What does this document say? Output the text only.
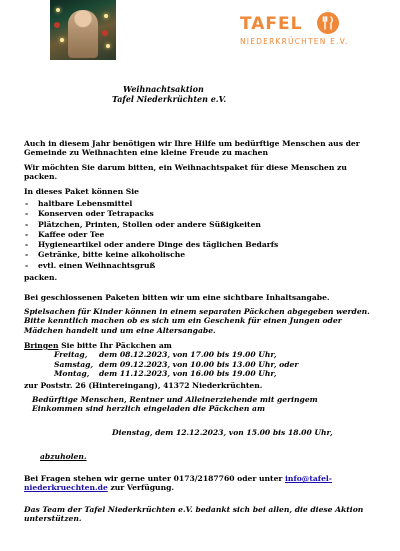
TAFEL
NIEDERKRÜCHTEN E.V.
Weihnachtsaktion
Tafel Niederkrüchten e.V.
Auch in diesem Jahr benötigen wir Ihre Hilfe um bedürftige Menschen aus der Gemeinde zu Weihnachten eine kleine Freude zu machen
Wir möchten Sie darum bitten, ein Weihnachtspaket für diese Menschen zu packen.
In dieses Paket können Sie
- haltbare Lebensmittel
- Konserven oder Tetrapacks
- Plätzchen, Printen, Stollen oder andere Süßigkeiten
- Kaffee oder Tee
- Hygieneartikel oder andere Dinge des täglichen Bedarfs
- Getränke, bitte keine alkoholische
- evtl. einen Weihnachtsgruß
packen.
Bei geschlossenen Paketen bitten wir um eine sichtbare Inhaltsangabe.
Spielsachen für Kinder können in einem separaten Päckchen abgegeben werden. Bitte kenntlich machen ob es sich um ein Geschenk für einen Jungen oder Mädchen handelt und um eine Altersangabe.
Bringen Sie bitte Ihr Päckchen am
Freitag,	dem 08.12.2023, von 17.00 bis 19.00 Uhr,
Samstag, dem 09.12.2023, von 10.00 bis 13.00 Uhr, oder
Montag,	dem 11.12.2023, von 16.00 bis 19.00 Uhr,
zur Poststr. 26 (Hintereingang), 41372 Niederkrüchten.
Bedürftige Menschen, Rentner und Alleinerziehende mit geringem Einkommen sind herzlich eingeladen die Päckchen am
Dienstag, dem 12.12.2023, von 15.00 bis 18.00 Uhr,
abzuholen.
Bei Fragen stehen wir gerne unter 0173/2187760 oder unter info@tafel-
niederkruechten.de zur Verfügung.
Das Team der Tafel Niederkrüchten e.V. bedankt sich bei allen, die diese Aktion unterstützen.
